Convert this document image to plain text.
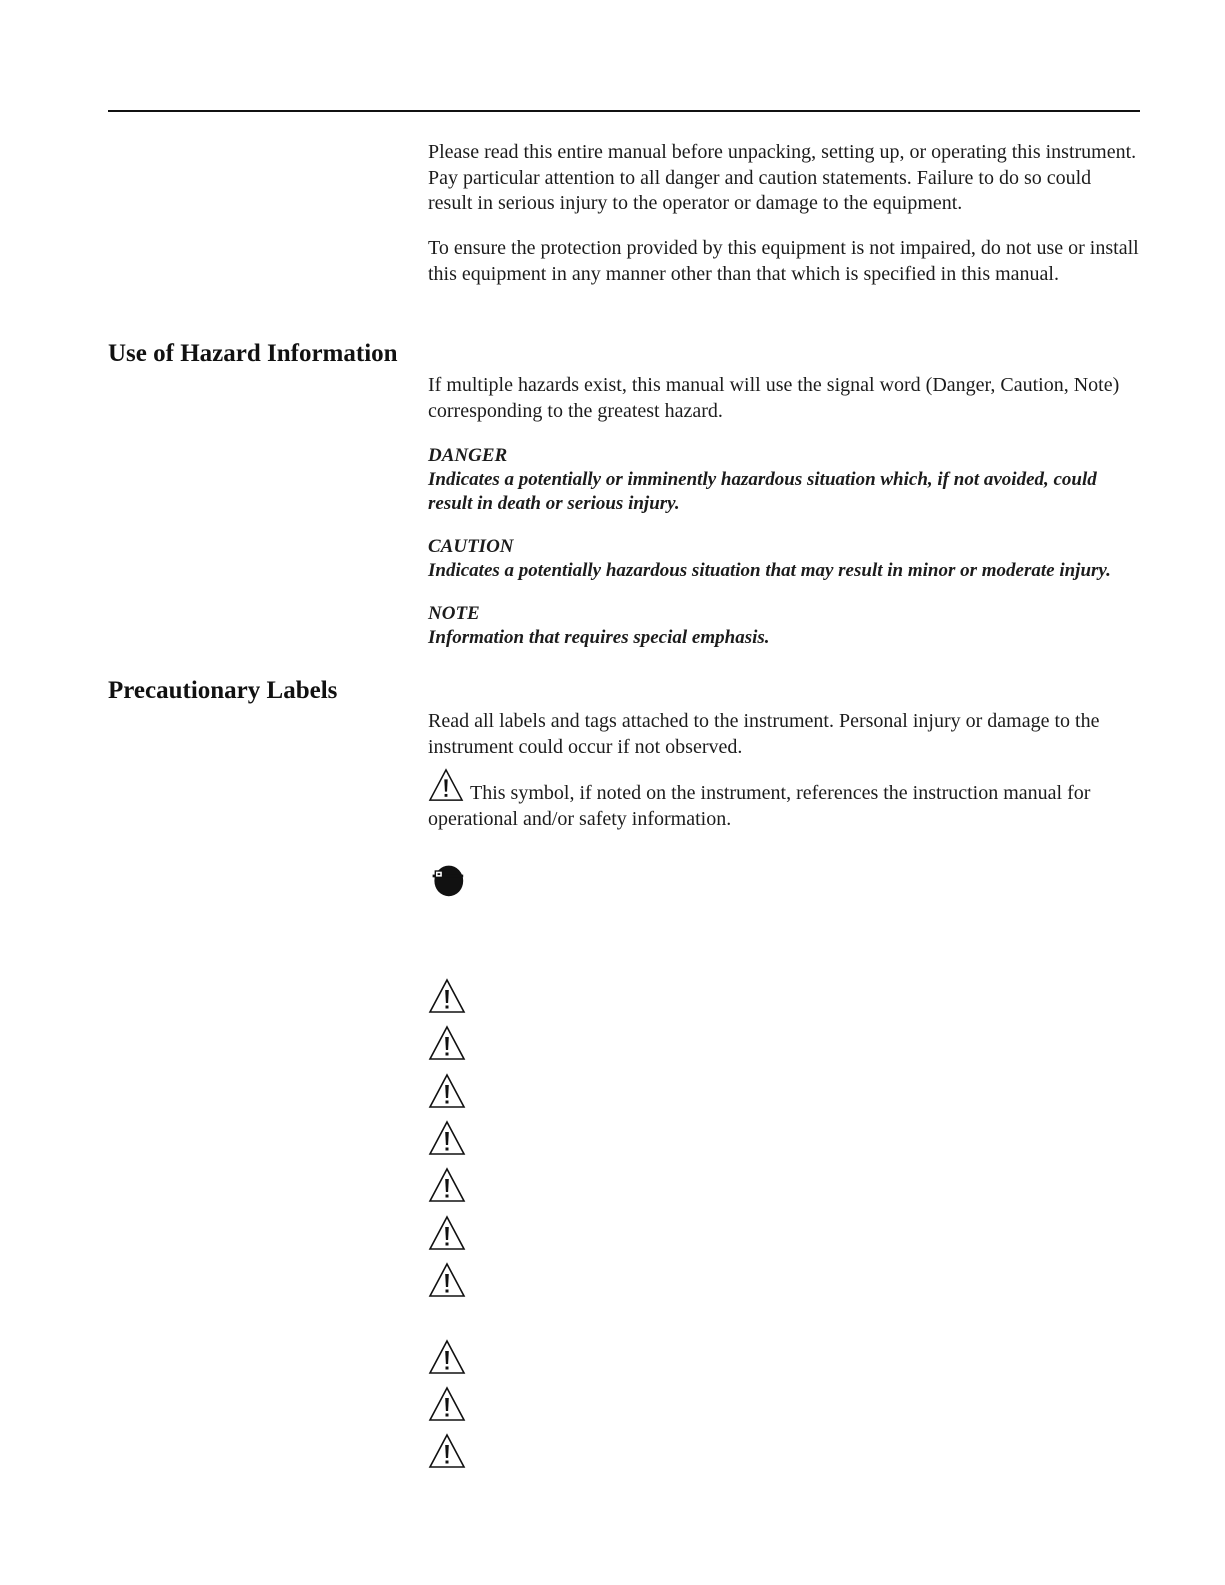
Please read this entire manual before unpacking, setting up, or operating this instrument. Pay particular attention to all danger and caution statements. Failure to do so could result in serious injury to the operator or damage to the equipment.

To ensure the protection provided by this equipment is not impaired, do not use or install this equipment in any manner other than that which is specified in this manual.

Use of Hazard Information

If multiple hazards exist, this manual will use the signal word (Danger, Caution, Note) corresponding to the greatest hazard.

DANGER

Indicates a potentially or imminently hazardous situation which, if not avoided, could result in death or serious injury.

CAUTION

Indicates a potentially hazardous situation that may result in minor or moderate injury.

NOTE

Information that requires special emphasis.

Precautionary Labels

Read all labels and tags attached to the instrument. Personal injury or damage to the instrument could occur if not observed.

This symbol, if noted on the instrument, references the instruction manual for operational and/or safety information.
